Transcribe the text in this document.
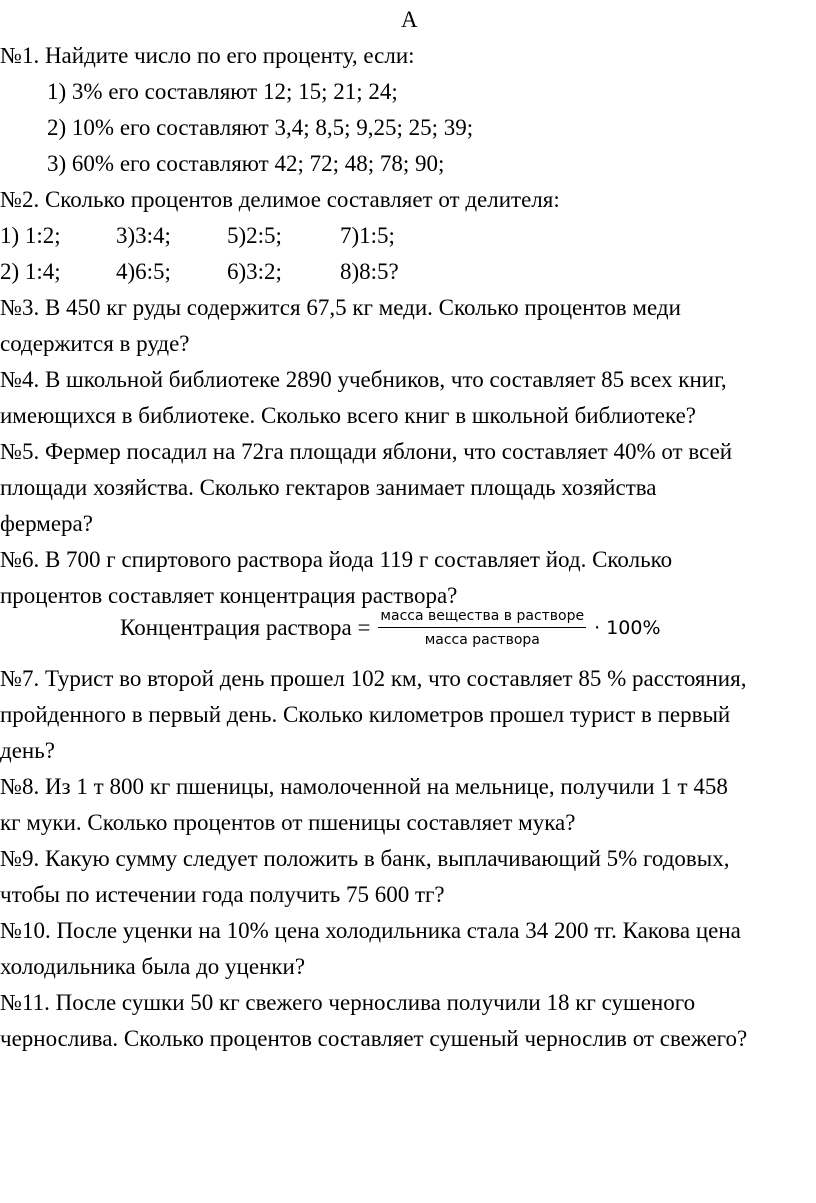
А
№1. Найдите число по его проценту, если:
1) 3% его составляют 12; 15; 21; 24;
2) 10% его составляют 3,4; 8,5; 9,25; 25; 39;
3) 60% его составляют 42; 72; 48; 78; 90;
№2. Сколько процентов делимое составляет от делителя:
1) 1:2; 3)3:4; 5)2:5;	7)1:5;
2) 1:4; 4)6:5; 6)3:2;	8)8:5?
№3. В 450 кг руды содержится 67,5 кг меди. Сколько процентов меди
содержится в руде?
№4. В школьной библиотеке 2890 учебников, что составляет 85 всех книг,
имеющихся в библиотеке. Сколько всего книг в школьной библиотеке?
№5. Фермер посадил на 72га площади яблони, что составляет 40% от всей
площади хозяйства. Сколько гектаров занимает площадь хозяйства
фермера?
№6. В 700 г спиртового раствора йода 119 г составляет йод. Сколько
процентов составляет концентрация раствора?
Концентрация раствора = $\frac{\text{масса вещества в растворе}}{\text{масса раствора}} \cdot 100\%$
№7. Турист во второй день прошел 102 км, что составляет 85 % расстояния,
пройденного в первый день. Сколько километров прошел турист в первый
день?
№8. Из 1 т 800 кг пшеницы, намолоченной на мельнице, получили 1 т 458
кг муки. Сколько процентов от пшеницы составляет мука?
№9. Какую сумму следует положить в банк, выплачивающий 5% годовых,
чтобы по истечении года получить 75 600 тг?
№10. После уценки на 10% цена холодильника стала 34 200 тг. Какова цена
холодильника была до уценки?
№11. После сушки 50 кг свежего чернослива получили 18 кг сушеного
чернослива. Сколько процентов составляет сушеный чернослив от свежего?
